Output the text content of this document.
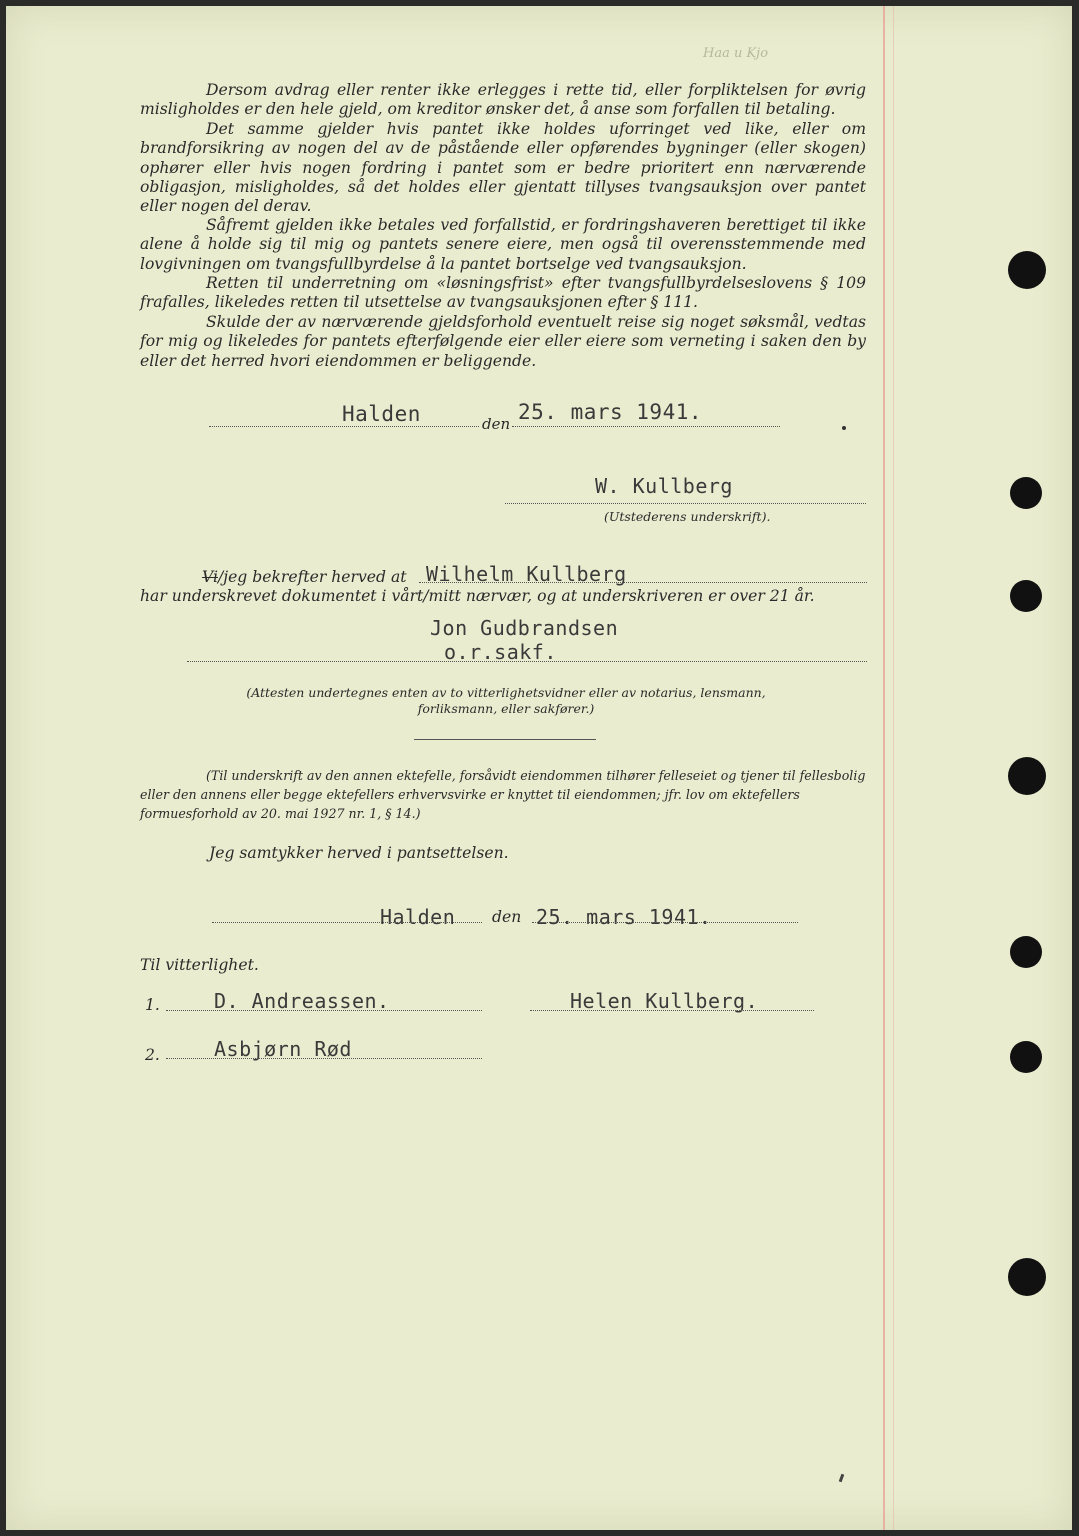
Haa u Kjo

Dersom avdrag eller renter ikke erlegges i rette tid, eller forpliktelsen for øvrig misligholdes er den hele gjeld, om kreditor ønsker det, å anse som forfallen til betaling.

Det samme gjelder hvis pantet ikke holdes uforringet ved like, eller om brandforsikring av nogen del av de påstående eller opførendes bygninger (eller skogen) ophører eller hvis nogen fordring i pantet som er bedre prioritert enn nærværende obligasjon, misligholdes, så det holdes eller gjentatt tillyses tvangsauksjon over pantet eller nogen del derav.

Såfremt gjelden ikke betales ved forfallstid, er fordringshaveren berettiget til ikke alene å holde sig til mig og pantets senere eiere, men også til overensstemmende med lovgivningen om tvangsfullbyrdelse å la pantet bortselge ved tvangsauksjon.

Retten til underretning om «løsningsfrist» efter tvangsfullbyrdelseslovens § 109 frafalles, likeledes retten til utsettelse av tvangsauksjonen efter § 111.

Skulde der av nærværende gjeldsforhold eventuelt reise sig noget søksmål, vedtas for mig og likeledes for pantets efterfølgende eier eller eiere som verneting i saken den by eller det herred hvori eiendommen er beliggende.

Halden	den 25. mars 1941.
W. Kullberg
(Utstederens underskrift).
Vi/jeg bekrefter herved at Wilhelm Kullberg
har underskrevet dokumentet i vårt/mitt nærvær, og at underskriveren er over 21 år.
Jon Gudbrandsen
o.r.sakf.
(Attesten undertegnes enten av to vitterlighetsvidner eller av notarius, lensmann, forliksmann, eller sakfører.)
(Til underskrift av den annen ektefelle, forsåvidt eiendommen tilhører felleseiet og tjener til fellesbolig eller den annens eller begge ektefellers erhvervsvirke er knyttet til eiendommen; jfr. lov om ektefellers formuesforhold av 20. mai 1927 nr. 1, § 14.)
Jeg samtykker herved i pantsettelsen.
Halden den 25. mars 1941.
Til vitterlighet.
1.	D. Andreassen.	Helen Kullberg.
2.	Asbjørn Rød
